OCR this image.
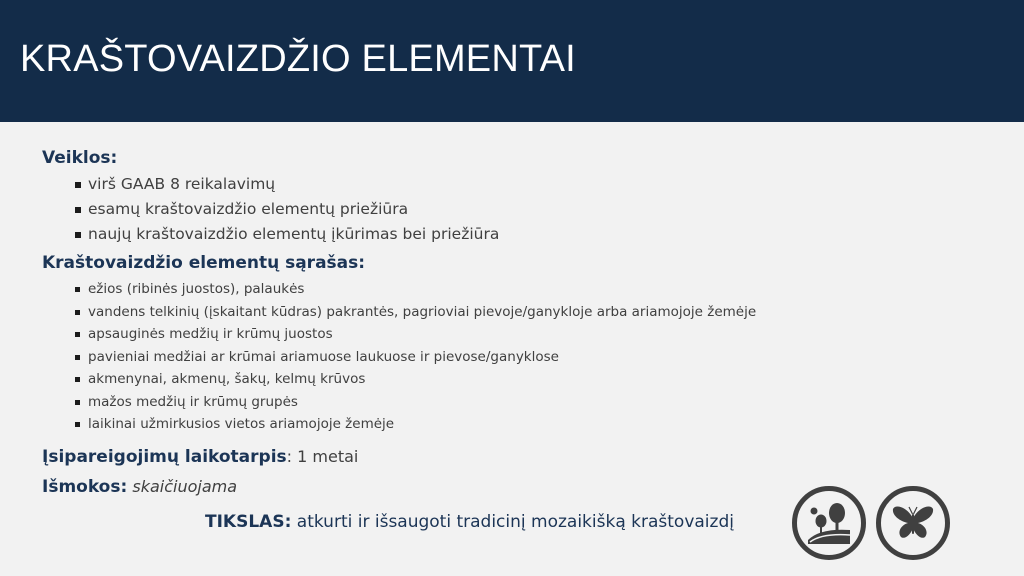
KRAŠTOVAIZDŽIO ELEMENTAI
Veiklos:
virš GAAB 8 reikalavimų
esamų kraštovaizdžio elementų priežiūra
naujų kraštovaizdžio elementų įkūrimas bei priežiūra
Kraštovaizdžio elementų sąrašas:
ežios (ribinės juostos), palaukės
vandens telkinių (įskaitant kūdras) pakrantės, pagrioviai pievoje/ganykloje arba ariamojoje žemėje
apsauginės medžių ir krūmų juostos
pavieniai medžiai ar krūmai ariamuose laukuose ir pievose/ganyklose
akmenynai, akmenų, šakų, kelmų krūvos
mažos medžių ir krūmų grupės
laikinai užmirkusios vietos ariamojoje žemėje
Įsipareigojimų laikotarpis: 1 metai
Išmokos: skaičiuojama
TIKSLAS: atkurti ir išsaugoti tradicinį mozaikišką kraštovaizdį
